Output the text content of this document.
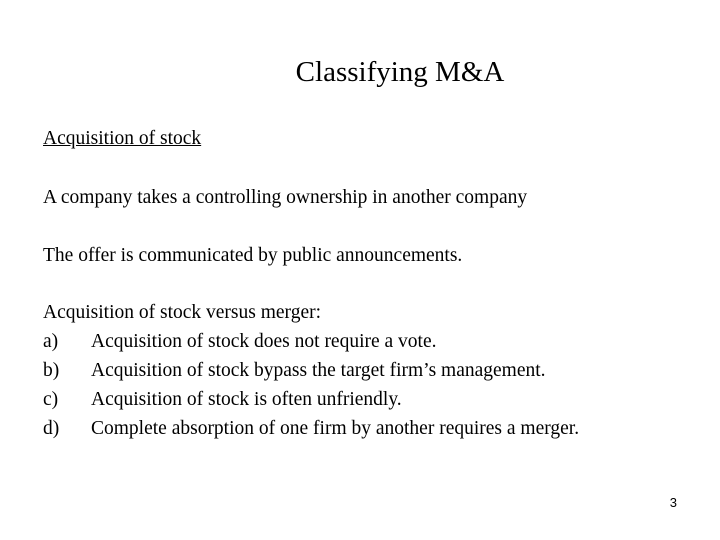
Classifying M&A

Acquisition of stock

A company takes a controlling ownership in another company

The offer is communicated by public announcements.

Acquisition of stock versus merger:

a)	Acquisition of stock does not require a vote.
b)	Acquisition of stock bypass the target firm’s management.
c)	Acquisition of stock is often unfriendly.
d)	Complete absorption of one firm by another requires a merger.
3
